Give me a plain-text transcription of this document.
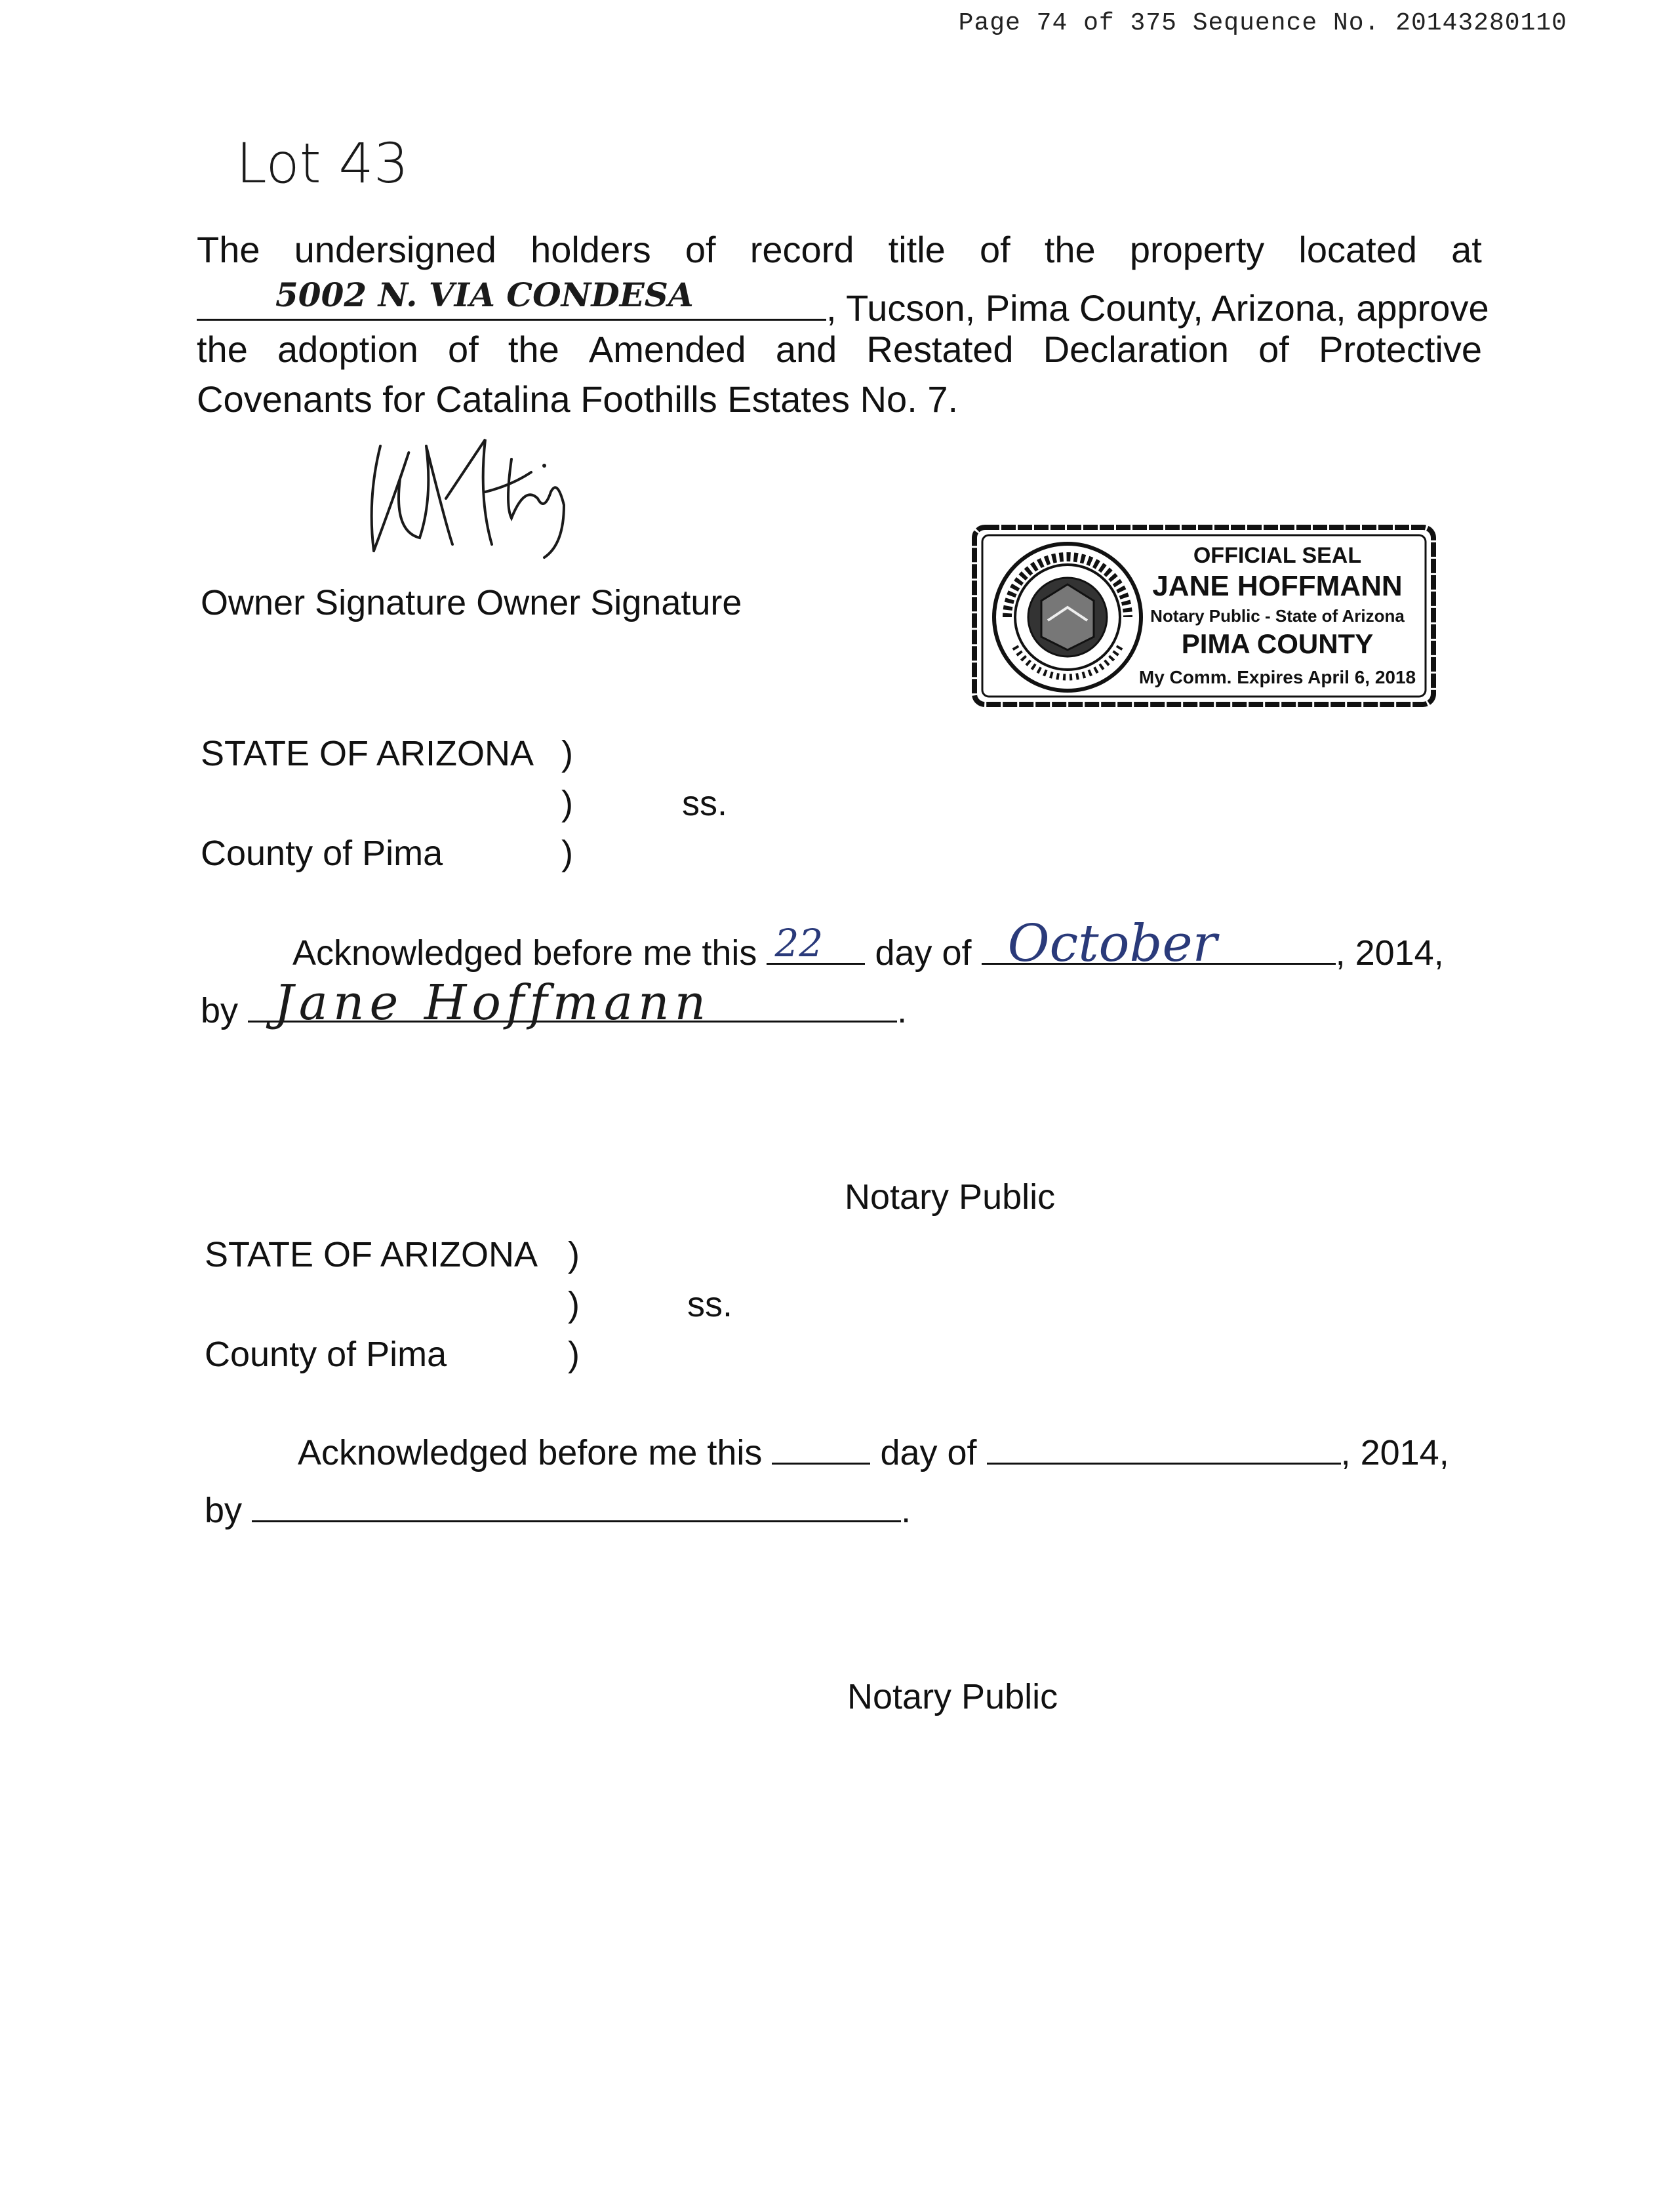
Page 74 of 375 Sequence No. 20143280110
Lot 43
The undersigned holders of record title of the property located at
5002 N. VIA CONDESA	, Tucson, Pima County, Arizona, approve
the adoption of the Amended and Restated Declaration of Protective
Covenants for Catalina Foothills Estates No. 7.
Owner Signature Owner Signature
OFFICIAL SEAL
JANE HOFFMANN
Notary Public - State of Arizona
PIMA COUNTY
My Comm. Expires April 6, 2018
STATE OF ARIZONA )
)	ss.
)
County of Pima
Acknowledged before me this 22 day of October	, 2014,
by Jane Hoffmann	.
Notary Public
STATE OF ARIZONA )
)	ss.
)
County of Pima
Acknowledged before me this	day of	, 2014,
by	.
Notary Public
